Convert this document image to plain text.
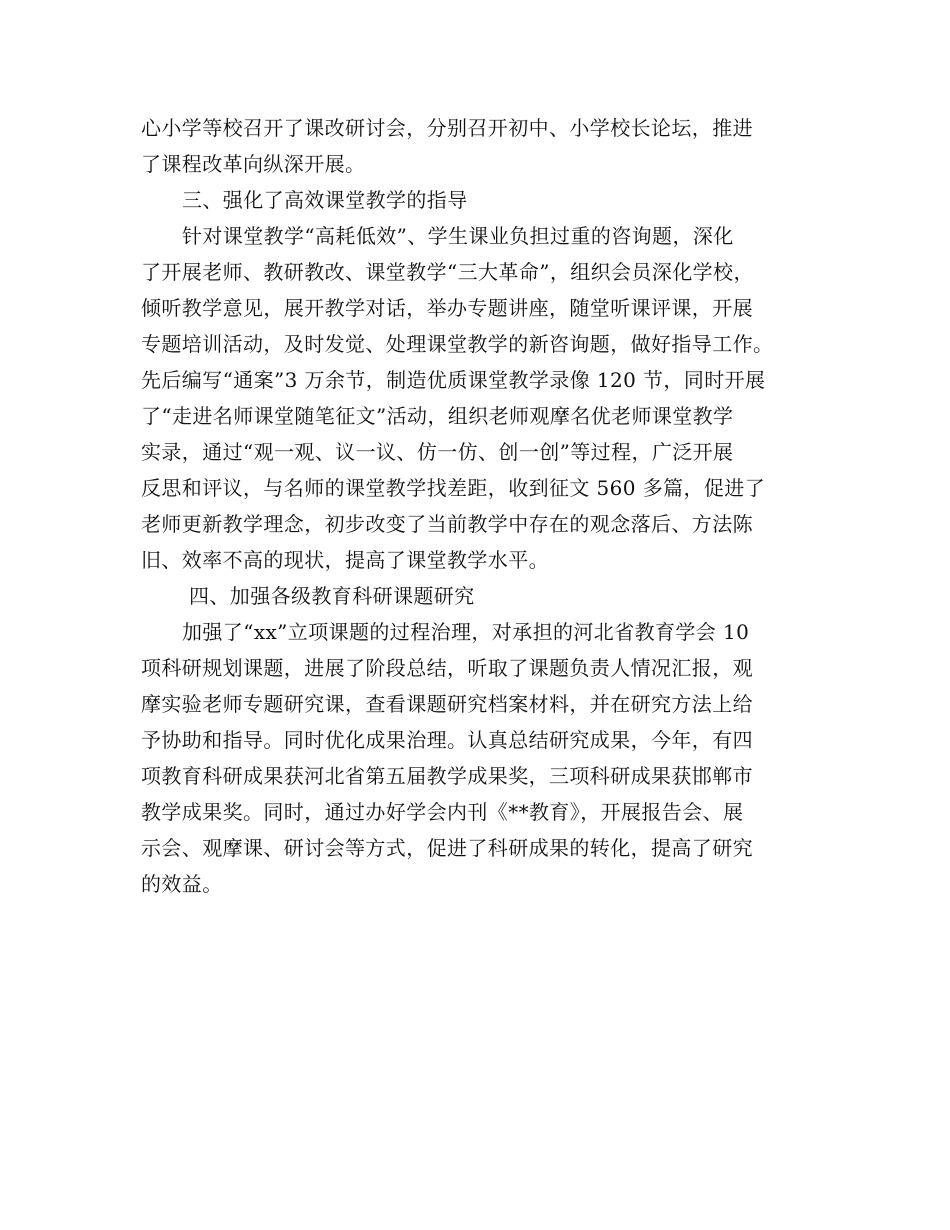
心小学等校召开了课改研讨会，分别召开初中、小学校长论坛，推进
了课程改革向纵深开展。
三、强化了高效课堂教学的指导
针对课堂教学“高耗低效”、学生课业负担过重的咨询题，深化
了开展老师、教研教改、课堂教学“三大革命”，组织会员深化学校，
倾听教学意见，展开教学对话，举办专题讲座，随堂听课评课，开展
专题培训活动，及时发觉、处理课堂教学的新咨询题，做好指导工作。
先后编写“通案”3 万余节，制造优质课堂教学录像 120 节，同时开展
了“走进名师课堂随笔征文”活动，组织老师观摩名优老师课堂教学
实录，通过“观一观、议一议、仿一仿、创一创”等过程，广泛开展
反思和评议，与名师的课堂教学找差距，收到征文 560 多篇，促进了
老师更新教学理念，初步改变了当前教学中存在的观念落后、方法陈
旧、效率不高的现状，提高了课堂教学水平。
四、加强各级教育科研课题研究
加强了“xx”立项课题的过程治理，对承担的河北省教育学会 10
项科研规划课题，进展了阶段总结，听取了课题负责人情况汇报，观
摩实验老师专题研究课，查看课题研究档案材料，并在研究方法上给
予协助和指导。同时优化成果治理。认真总结研究成果，今年，有四
项教育科研成果获河北省第五届教学成果奖，三项科研成果获邯郸市
教学成果奖。同时，通过办好学会内刊《**教育》，开展报告会、展
示会、观摩课、研讨会等方式，促进了科研成果的转化，提高了研究
的效益。
